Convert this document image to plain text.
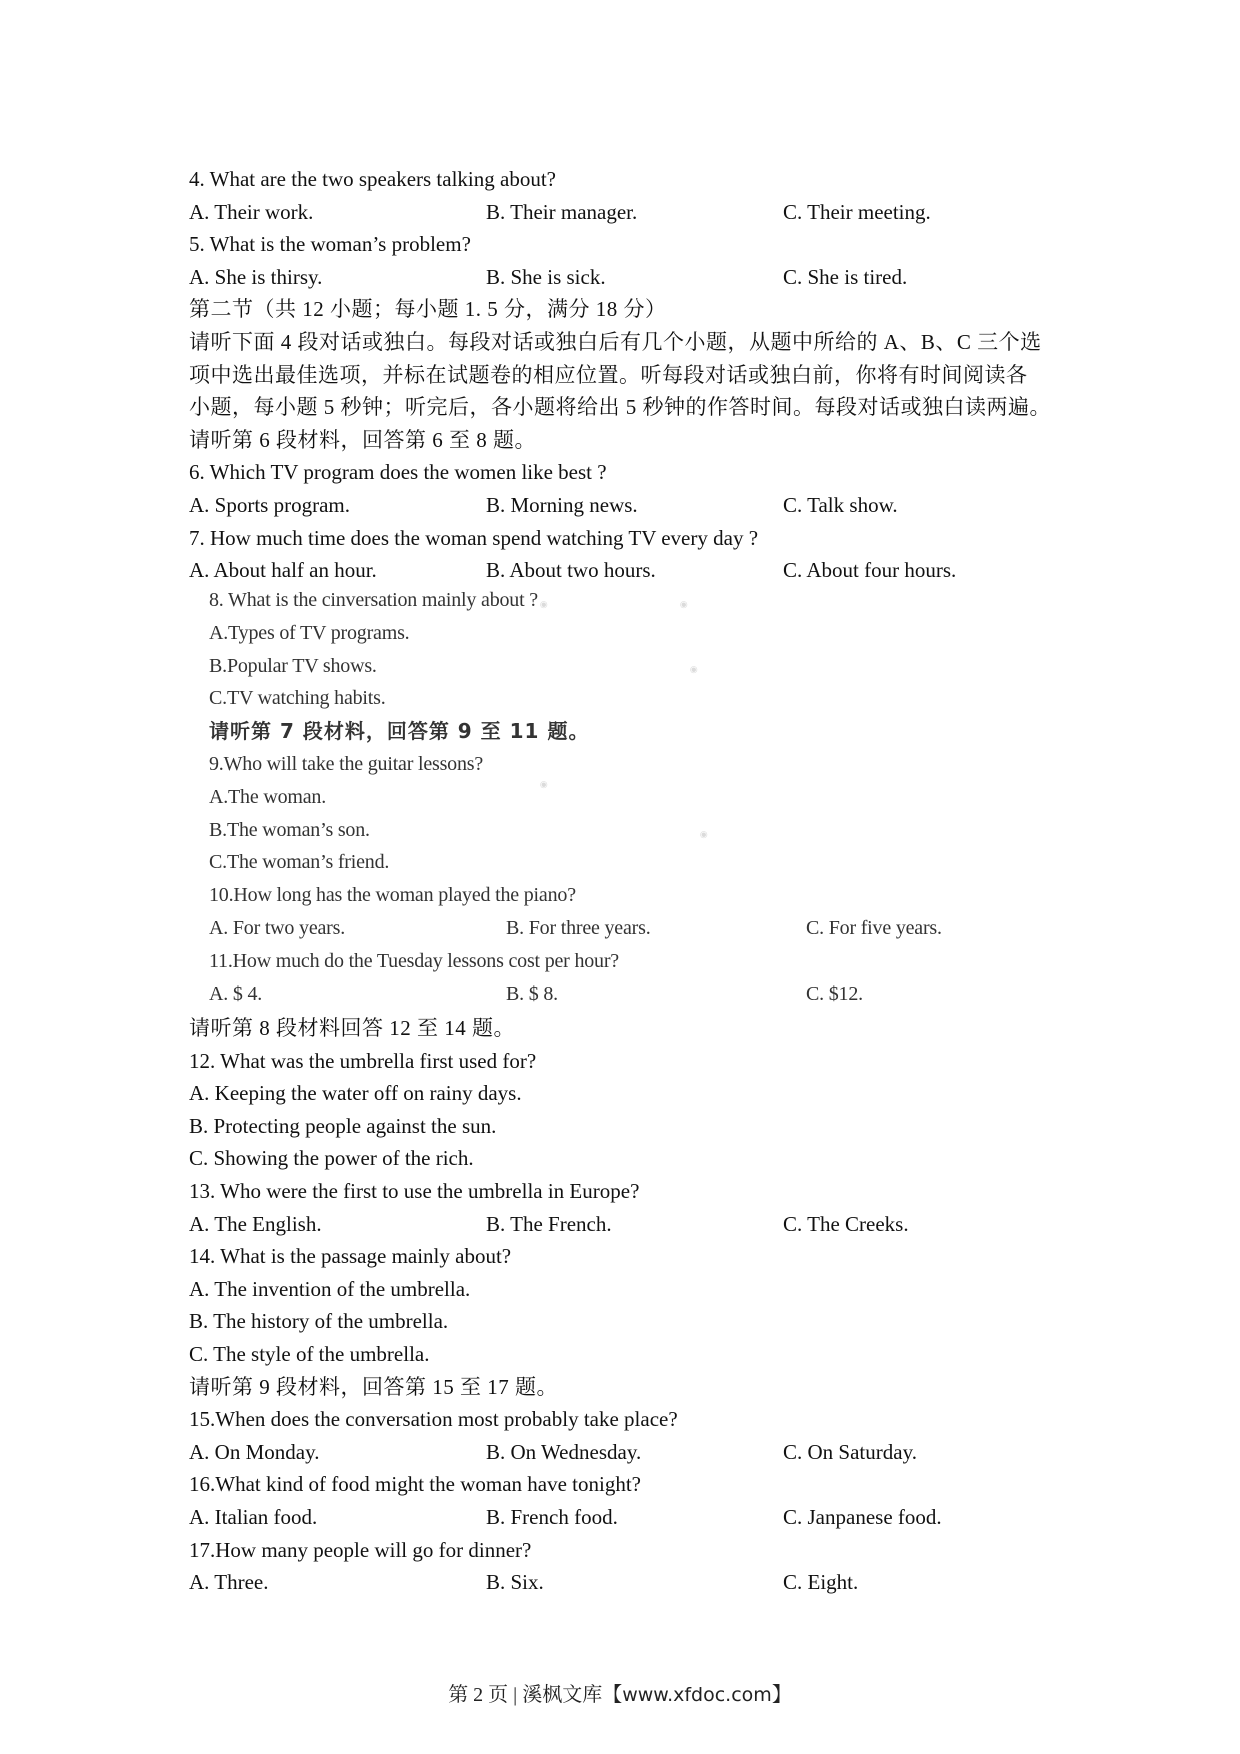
4. What are the two speakers talking about?
A. Their work.	B. Their manager.	C. Their meeting.
5. What is the woman’s problem?
A. She is thirsy.	B. She is sick.	C. She is tired.
第二节（共 12 小题；每小题 1. 5 分，满分 18 分）
请听下面 4 段对话或独白。每段对话或独白后有几个小题，从题中所给的 A、B、C 三个选
项中选出最佳选项，并标在试题卷的相应位置。听每段对话或独白前，你将有时间阅读各
小题，每小题 5 秒钟；听完后，各小题将给出 5 秒钟的作答时间。每段对话或独白读两遍。
请听第 6 段材料，回答第 6 至 8 题。
6. Which TV program does the women like best ?
A. Sports program.	B. Morning news.	C. Talk show.
7. How much time does the woman spend watching TV every day ?
A. About half an hour.	B. About two hours.	C. About four hours.
8. What is the cinversation mainly about ?
A.Types of TV programs.
B.Popular TV shows.
C.TV watching habits.
请听第 7 段材料，回答第 9 至 11 题。
9.Who will take the guitar lessons?
A.The woman.
B.The woman’s son.
C.The woman’s friend.
10.How long has the woman played the piano?
A. For two years.	B. For three years.	C. For five years.
11.How much do the Tuesday lessons cost per hour?
A. $ 4.	B. $ 8.	C. $12.
请听第 8 段材料回答 12 至 14 题。
12. What was the umbrella first used for?
A. Keeping the water off on rainy days.
B. Protecting people against the sun.
C. Showing the power of the rich.
13. Who were the first to use the umbrella in Europe?
A. The English.	B. The French.	C. The Creeks.
14. What is the passage mainly about?
A. The invention of the umbrella.
B. The history of the umbrella.
C. The style of the umbrella.
请听第 9 段材料，回答第 15 至 17 题。
15.When does the conversation most probably take place?
A. On Monday.	B. On Wednesday.	C. On Saturday.
16.What kind of food might the woman have tonight?
A. Italian food.	B. French food.	C. Janpanese food.
17.How many people will go for dinner?
A. Three.	B. Six.	C. Eight.
◉	◉
◉
◉
◉
第 2 页 | 溪枫文库【www.xfdoc.com】
